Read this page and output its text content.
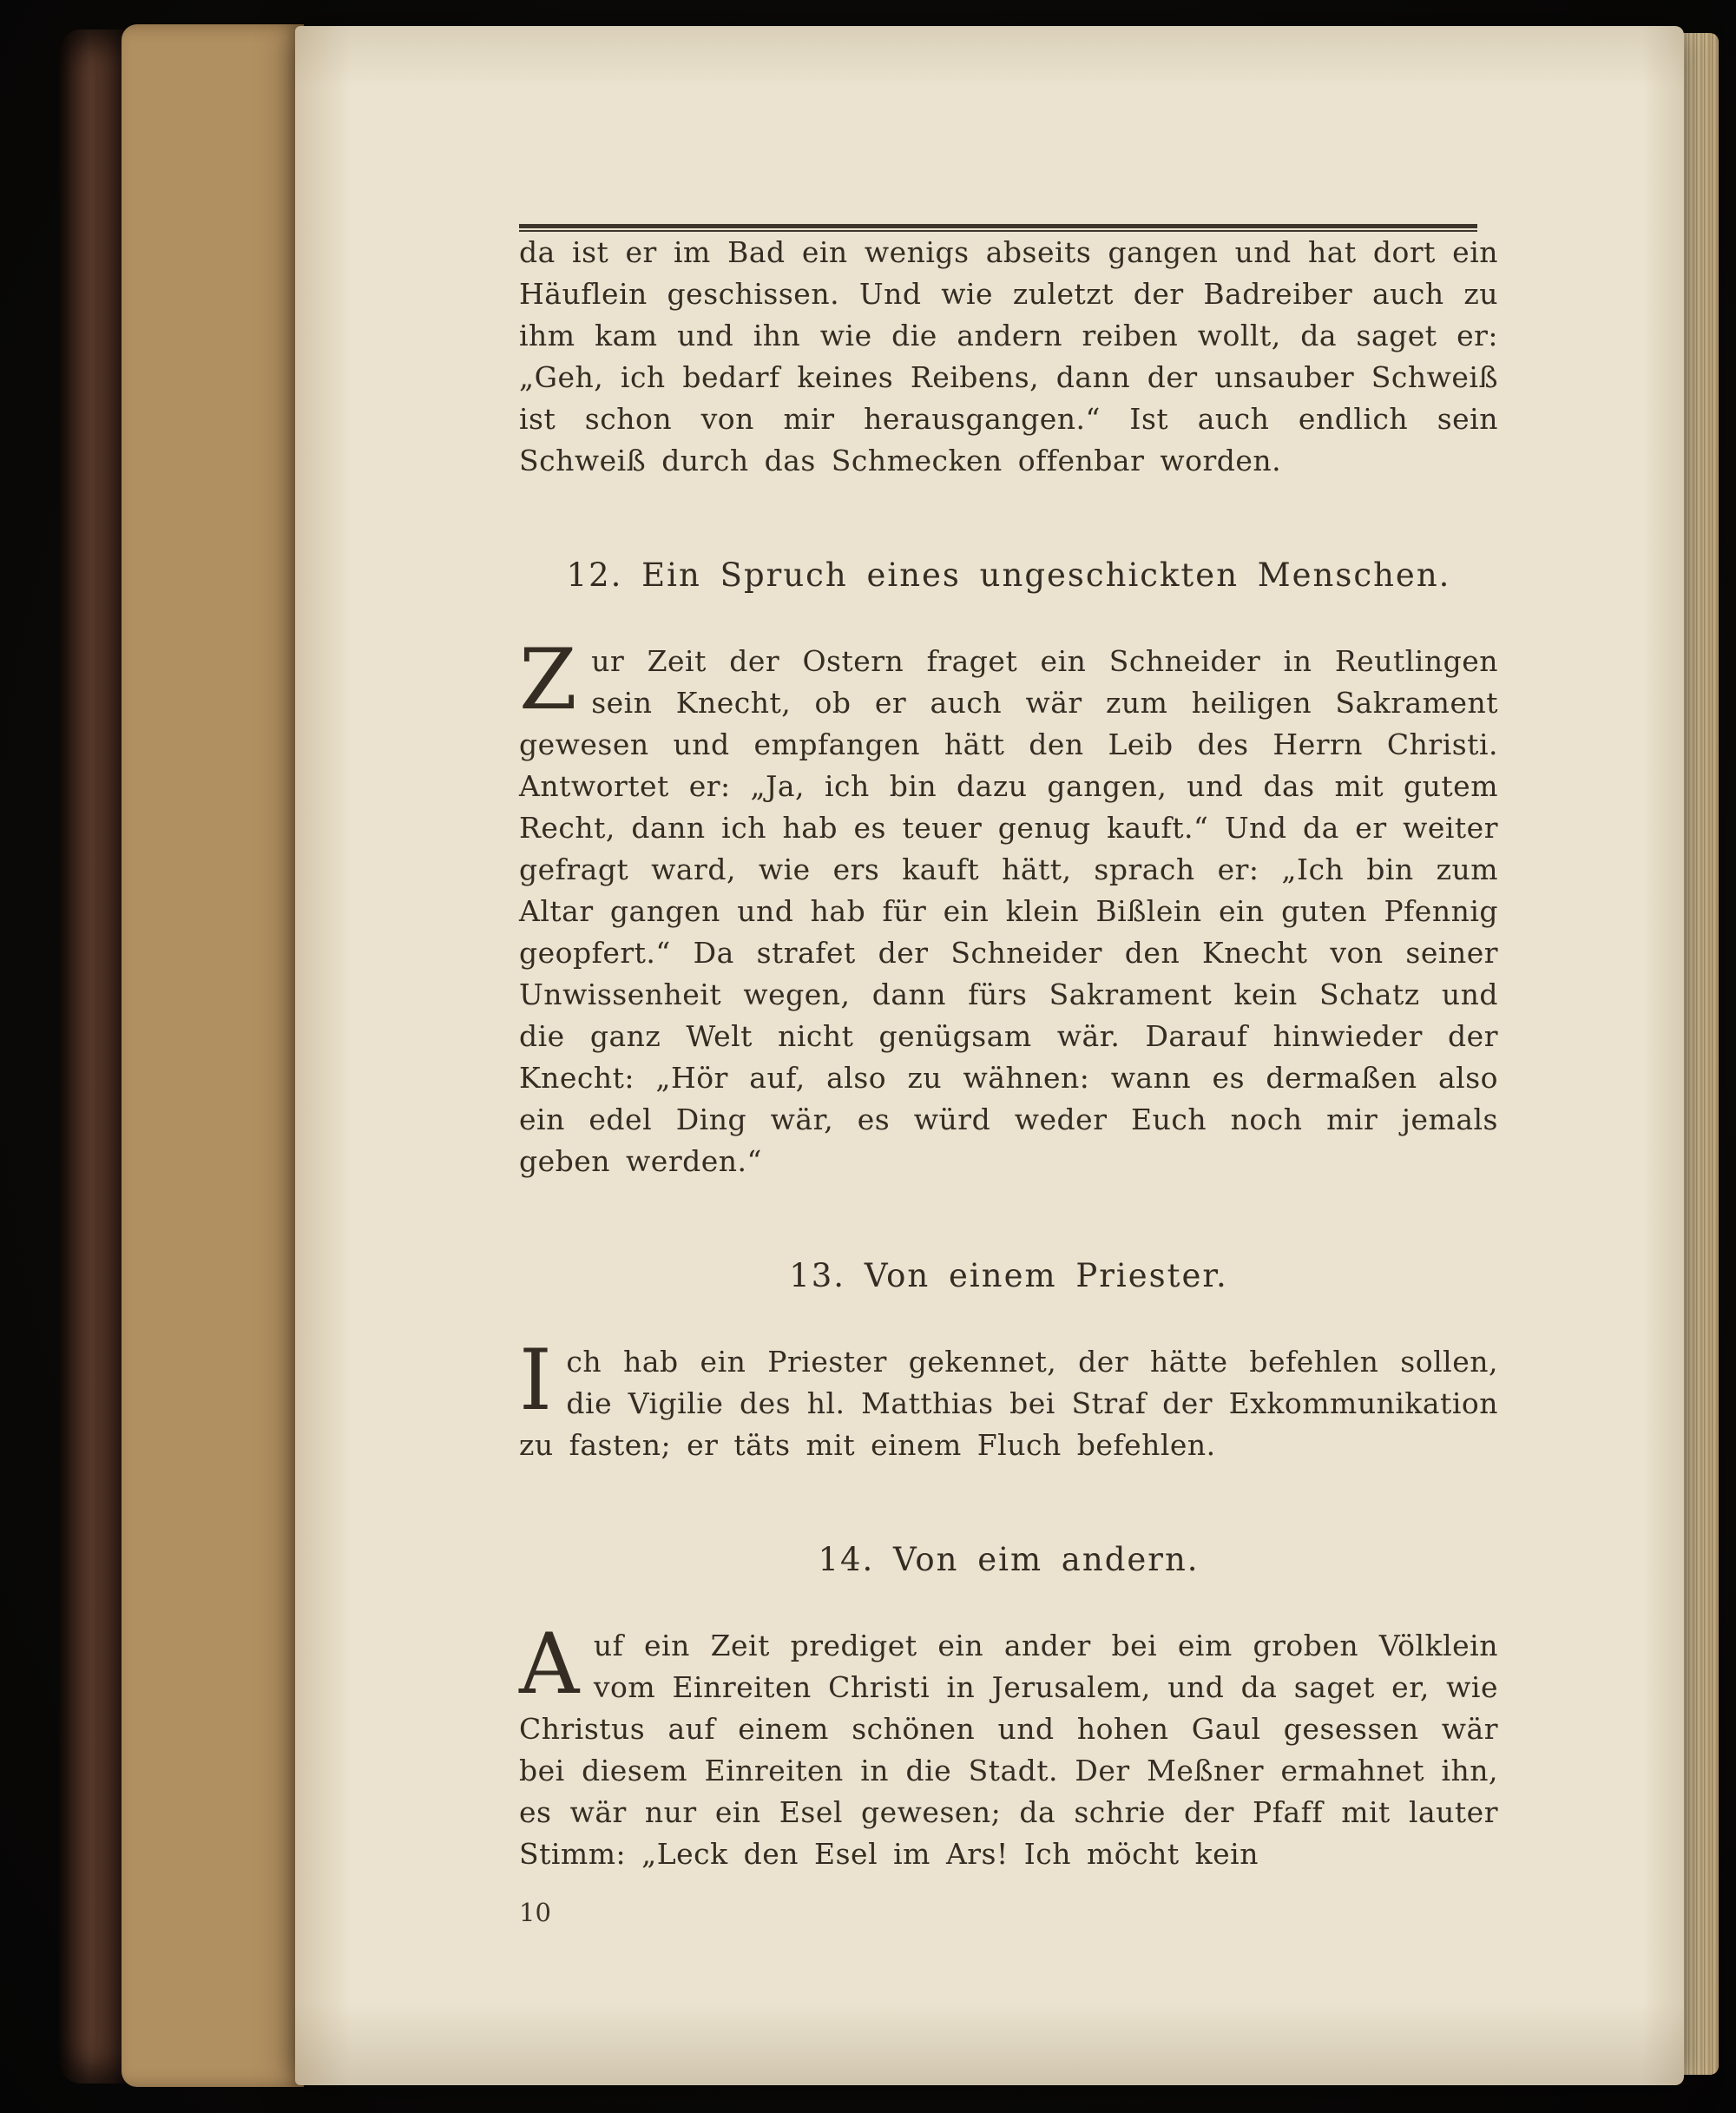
da ist er im Bad ein wenigs abseits gangen und hat dort ein Häuflein geschissen. Und wie zuletzt der Badreiber auch zu ihm kam und ihn wie die andern reiben wollt, da saget er: „Geh, ich bedarf keines Reibens, dann der unsauber Schweiß ist schon von mir herausgangen.“ Ist auch endlich sein Schweiß durch das Schmecken offenbar worden.

12. Ein Spruch eines ungeschickten Menschen.

Zur Zeit der Ostern fraget ein Schneider in Reutlingen sein Knecht, ob er auch wär zum heiligen Sakrament gewesen und empfangen hätt den Leib des Herrn Christi. Antwortet er: „Ja, ich bin dazu gangen, und das mit gutem Recht, dann ich hab es teuer genug kauft.“ Und da er weiter gefragt ward, wie ers kauft hätt, sprach er: „Ich bin zum Altar gangen und hab für ein klein Bißlein ein guten Pfennig geopfert.“ Da strafet der Schneider den Knecht von seiner Unwissenheit wegen, dann fürs Sakrament kein Schatz und die ganz Welt nicht genügsam wär. Darauf hinwieder der Knecht: „Hör auf, also zu wähnen: wann es dermaßen also ein edel Ding wär, es würd weder Euch noch mir jemals geben werden.“

13. Von einem Priester.

Ich hab ein Priester gekennet, der hätte befehlen sollen, die Vigilie des hl. Matthias bei Straf der Exkommunikation zu fasten; er täts mit einem Fluch befehlen.

14. Von eim andern.

Auf ein Zeit prediget ein ander bei eim groben Völklein vom Einreiten Christi in Jerusalem, und da saget er, wie Christus auf einem schönen und hohen Gaul gesessen wär bei diesem Einreiten in die Stadt. Der Meßner ermahnet ihn, es wär nur ein Esel gewesen; da schrie der Pfaff mit lauter Stimm: „Leck den Esel im Ars! Ich möcht kein

10
